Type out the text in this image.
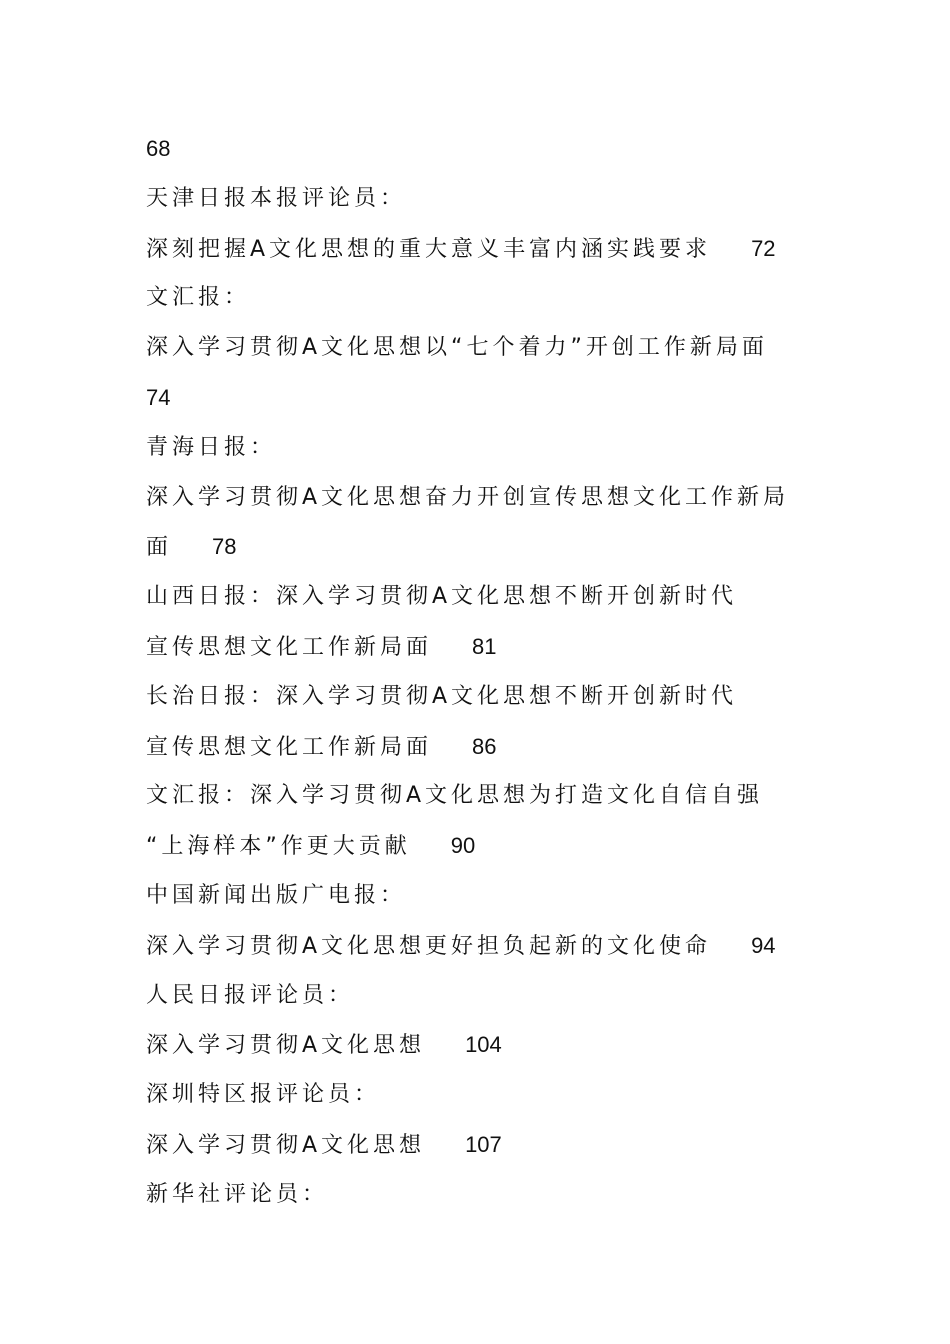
68
天津日报本报评论员：
深刻把握A文化思想的重大意义丰富内涵实践要求 72
文汇报：
深入学习贯彻A文化思想以“七个着力”开创工作新局面
74
青海日报：
深入学习贯彻A文化思想奋力开创宣传思想文化工作新局
面 78
山西日报：深入学习贯彻A文化思想不断开创新时代
宣传思想文化工作新局面 81
长治日报：深入学习贯彻A文化思想不断开创新时代
宣传思想文化工作新局面 86
文汇报：深入学习贯彻A文化思想为打造文化自信自强
“上海样本”作更大贡献 90
中国新闻出版广电报：
深入学习贯彻A文化思想更好担负起新的文化使命 94
人民日报评论员：
深入学习贯彻A文化思想 104
深圳特区报评论员：
深入学习贯彻A文化思想 107
新华社评论员：
